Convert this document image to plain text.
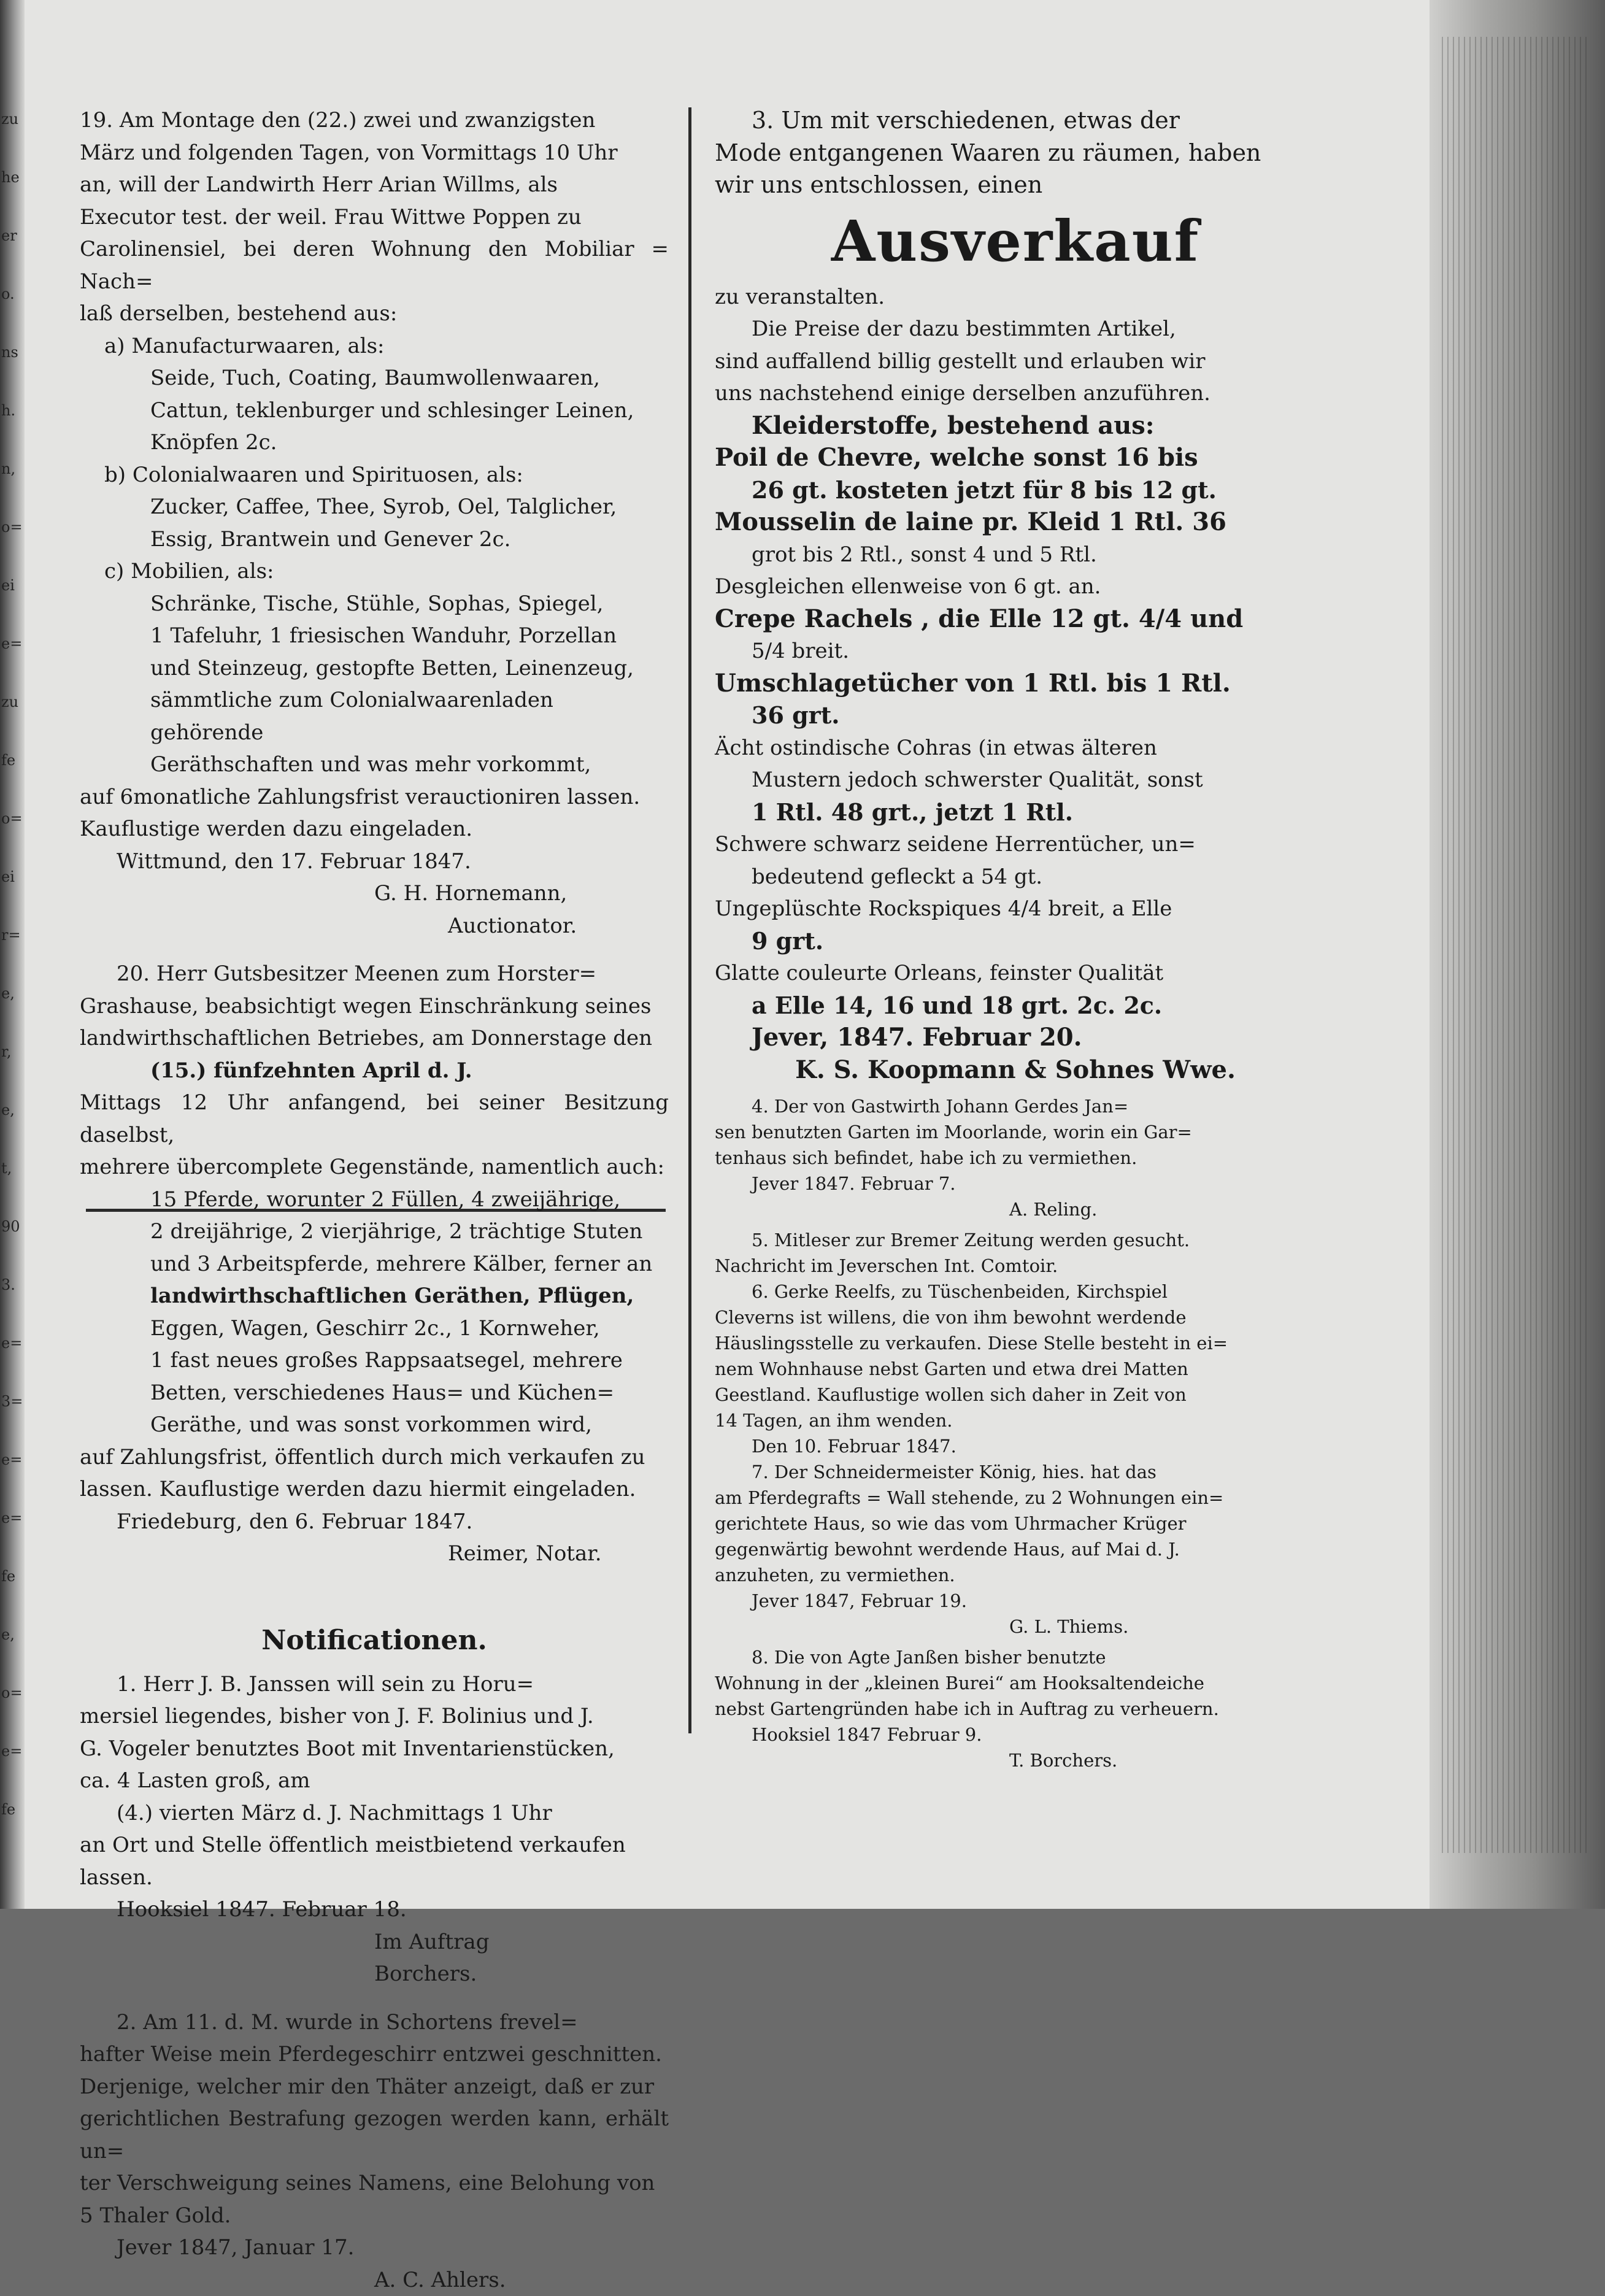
zu
he
er
o.
ns
h.
n,
o=
ei
e=
zu
fe
o=
ei
r=
e,
r,
e,
t,
90
3.
e=
3=
e=
e=
fe
e,
o=
e=
fe

19. Am Montage den (22.) zwei und zwanzigsten

März und folgenden Tagen, von Vormittags 10 Uhr

an, will der Landwirth Herr Arian Willms, als

Executor test. der weil. Frau Wittwe Poppen zu

Carolinensiel, bei deren Wohnung den Mobiliar = Nach=

laß derselben, bestehend aus:

a) Manufacturwaaren, als:

Seide, Tuch, Coating, Baumwollenwaaren,

Cattun, teklenburger und schlesinger Leinen,

Knöpfen 2c.

b) Colonialwaaren und Spirituosen, als:

Zucker, Caffee, Thee, Syrob, Oel, Talglicher,

Essig, Brantwein und Genever 2c.

c) Mobilien, als:

Schränke, Tische, Stühle, Sophas, Spiegel,

1 Tafeluhr, 1 friesischen Wanduhr, Porzellan

und Steinzeug, gestopfte Betten, Leinenzeug,

sämmtliche zum Colonialwaarenladen gehörende

Geräthschaften und was mehr vorkommt,

auf 6monatliche Zahlungsfrist verauctioniren lassen.

Kauflustige werden dazu eingeladen.

Wittmund, den 17. Februar 1847.

G. H. Hornemann,

Auctionator.

20. Herr Gutsbesitzer Meenen zum Horster=

Grashause, beabsichtigt wegen Einschränkung seines

landwirthschaftlichen Betriebes, am Donnerstage den

(15.) fünfzehnten April d. J.

Mittags 12 Uhr anfangend, bei seiner Besitzung daselbst,

mehrere übercomplete Gegenstände, namentlich auch:

15 Pferde, worunter 2 Füllen, 4 zweijährige,

2 dreijährige, 2 vierjährige, 2 trächtige Stuten

und 3 Arbeitspferde, mehrere Kälber, ferner an

landwirthschaftlichen Geräthen, Pflügen,

Eggen, Wagen, Geschirr 2c., 1 Kornweher,

1 fast neues großes Rappsaatsegel, mehrere

Betten, verschiedenes Haus= und Küchen=

Geräthe, und was sonst vorkommen wird,

auf Zahlungsfrist, öffentlich durch mich verkaufen zu

lassen. Kauflustige werden dazu hiermit eingeladen.

Friedeburg, den 6. Februar 1847.

Reimer, Notar.

Notificationen.

1. Herr J. B. Janssen will sein zu Horu=

mersiel liegendes, bisher von J. F. Bolinius und J.

G. Vogeler benutztes Boot mit Inventarienstücken,

ca. 4 Lasten groß, am

(4.) vierten März d. J. Nachmittags 1 Uhr

an Ort und Stelle öffentlich meistbietend verkaufen

lassen.

Hooksiel 1847. Februar 18.

Im Auftrag

Borchers.

2. Am 11. d. M. wurde in Schortens frevel=

hafter Weise mein Pferdegeschirr entzwei geschnitten.

Derjenige, welcher mir den Thäter anzeigt, daß er zur

gerichtlichen Bestrafung gezogen werden kann, erhält un=

ter Verschweigung seines Namens, eine Belohung von

5 Thaler Gold.

Jever 1847, Januar 17.

A. C. Ahlers.

3. Um mit verschiedenen, etwas der

Mode entgangenen Waaren zu räumen, haben

wir uns entschlossen, einen

Ausverkauf

zu veranstalten.

Die Preise der dazu bestimmten Artikel,

sind auffallend billig gestellt und erlauben wir

uns nachstehend einige derselben anzuführen.

Kleiderstoffe, bestehend aus:

Poil de Chevre, welche sonst 16 bis

26 gt. kosteten jetzt für 8 bis 12 gt.

Mousselin de laine pr. Kleid 1 Rtl. 36

grot bis 2 Rtl., sonst 4 und 5 Rtl.

Desgleichen ellenweise von 6 gt. an.

Crepe Rachels , die Elle 12 gt. 4/4 und

5/4 breit.

Umschlagetücher von 1 Rtl. bis 1 Rtl.

36 grt.

Ächt ostindische Cohras (in etwas älteren

Mustern jedoch schwerster Qualität, sonst

1 Rtl. 48 grt., jetzt 1 Rtl.

Schwere schwarz seidene Herrentücher, un=

bedeutend gefleckt a 54 gt.

Ungeplüschte Rockspiques 4/4 breit, a Elle

9 grt.

Glatte couleurte Orleans, feinster Qualität

a Elle 14, 16 und 18 grt. 2c. 2c.

Jever, 1847. Februar 20.

K. S. Koopmann & Sohnes Wwe.

4. Der von Gastwirth Johann Gerdes Jan=

sen benutzten Garten im Moorlande, worin ein Gar=

tenhaus sich befindet, habe ich zu vermiethen.

Jever 1847. Februar 7.

A. Reling.

5. Mitleser zur Bremer Zeitung werden gesucht.

Nachricht im Jeverschen Int. Comtoir.

6. Gerke Reelfs, zu Tüschenbeiden, Kirchspiel

Cleverns ist willens, die von ihm bewohnt werdende

Häuslingsstelle zu verkaufen. Diese Stelle besteht in ei=

nem Wohnhause nebst Garten und etwa drei Matten

Geestland. Kauflustige wollen sich daher in Zeit von

14 Tagen, an ihm wenden.

Den 10. Februar 1847.

7. Der Schneidermeister König, hies. hat das

am Pferdegrafts = Wall stehende, zu 2 Wohnungen ein=

gerichtete Haus, so wie das vom Uhrmacher Krüger

gegenwärtig bewohnt werdende Haus, auf Mai d. J.

anzuheten, zu vermiethen.

Jever 1847, Februar 19.

G. L. Thiems.

8. Die von Agte Janßen bisher benutzte

Wohnung in der „kleinen Burei“ am Hooksaltendeiche

nebst Gartengründen habe ich in Auftrag zu verheuern.

Hooksiel 1847 Februar 9.

T. Borchers.
